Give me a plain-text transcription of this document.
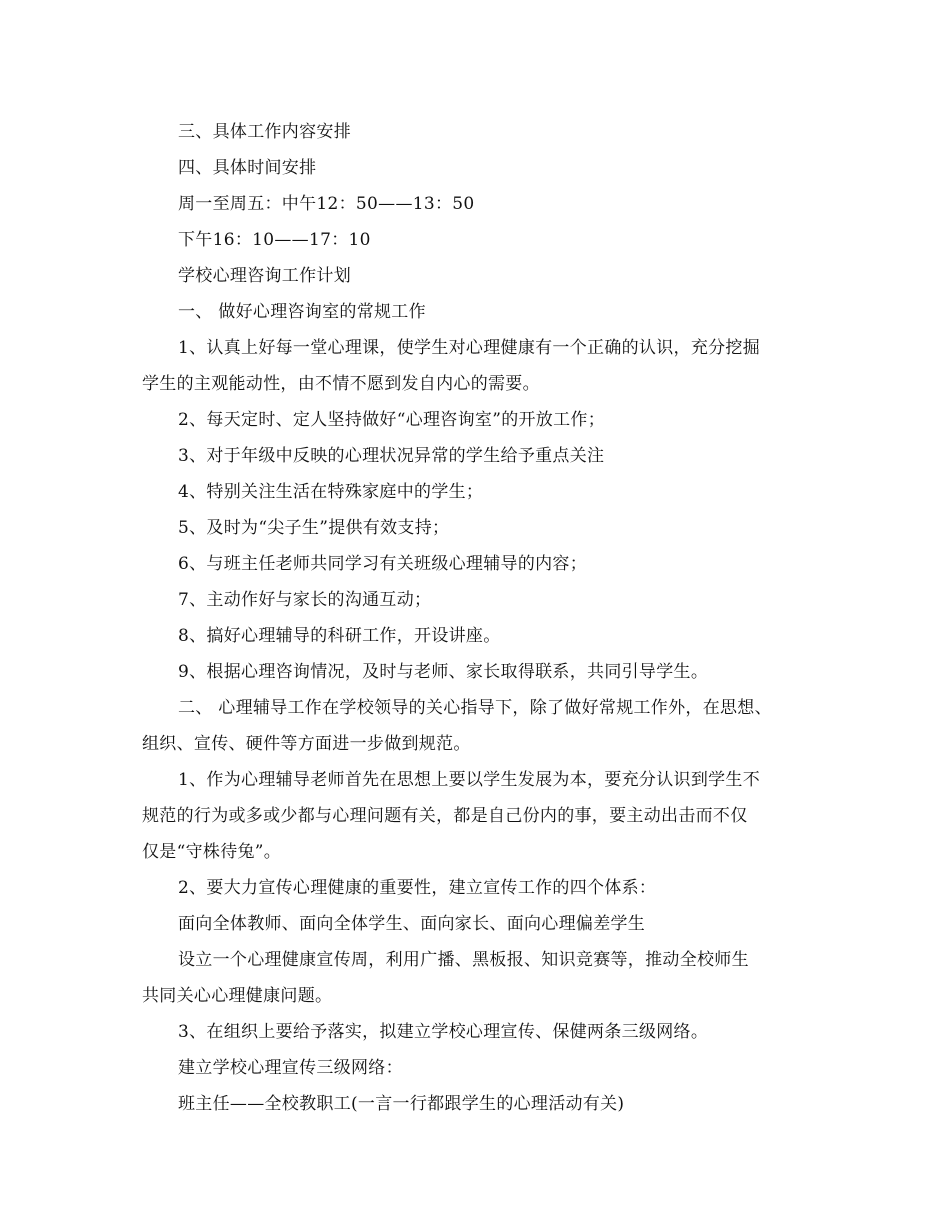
三、具体工作内容安排
四、具体时间安排
周一至周五：中午12：50——13：50
下午16：10——17：10
学校心理咨询工作计划
一、 做好心理咨询室的常规工作
1、认真上好每一堂心理课，使学生对心理健康有一个正确的认识，充分挖掘
学生的主观能动性，由不情不愿到发自内心的需要。
2、每天定时、定人坚持做好“心理咨询室”的开放工作；
3、对于年级中反映的心理状况异常的学生给予重点关注
4、特别关注生活在特殊家庭中的学生；
5、及时为“尖子生”提供有效支持；
6、与班主任老师共同学习有关班级心理辅导的内容；
7、主动作好与家长的沟通互动；
8、搞好心理辅导的科研工作，开设讲座。
9、根据心理咨询情况，及时与老师、家长取得联系，共同引导学生。
二、 心理辅导工作在学校领导的关心指导下，除了做好常规工作外，在思想、
组织、宣传、硬件等方面进一步做到规范。
1、作为心理辅导老师首先在思想上要以学生发展为本，要充分认识到学生不
规范的行为或多或少都与心理问题有关，都是自己份内的事，要主动出击而不仅
仅是“守株待兔”。
2、要大力宣传心理健康的重要性，建立宣传工作的四个体系：
面向全体教师、面向全体学生、面向家长、面向心理偏差学生
设立一个心理健康宣传周，利用广播、黑板报、知识竞赛等，推动全校师生
共同关心心理健康问题。
3、在组织上要给予落实，拟建立学校心理宣传、保健两条三级网络。
建立学校心理宣传三级网络：
班主任——全校教职工(一言一行都跟学生的心理活动有关)
